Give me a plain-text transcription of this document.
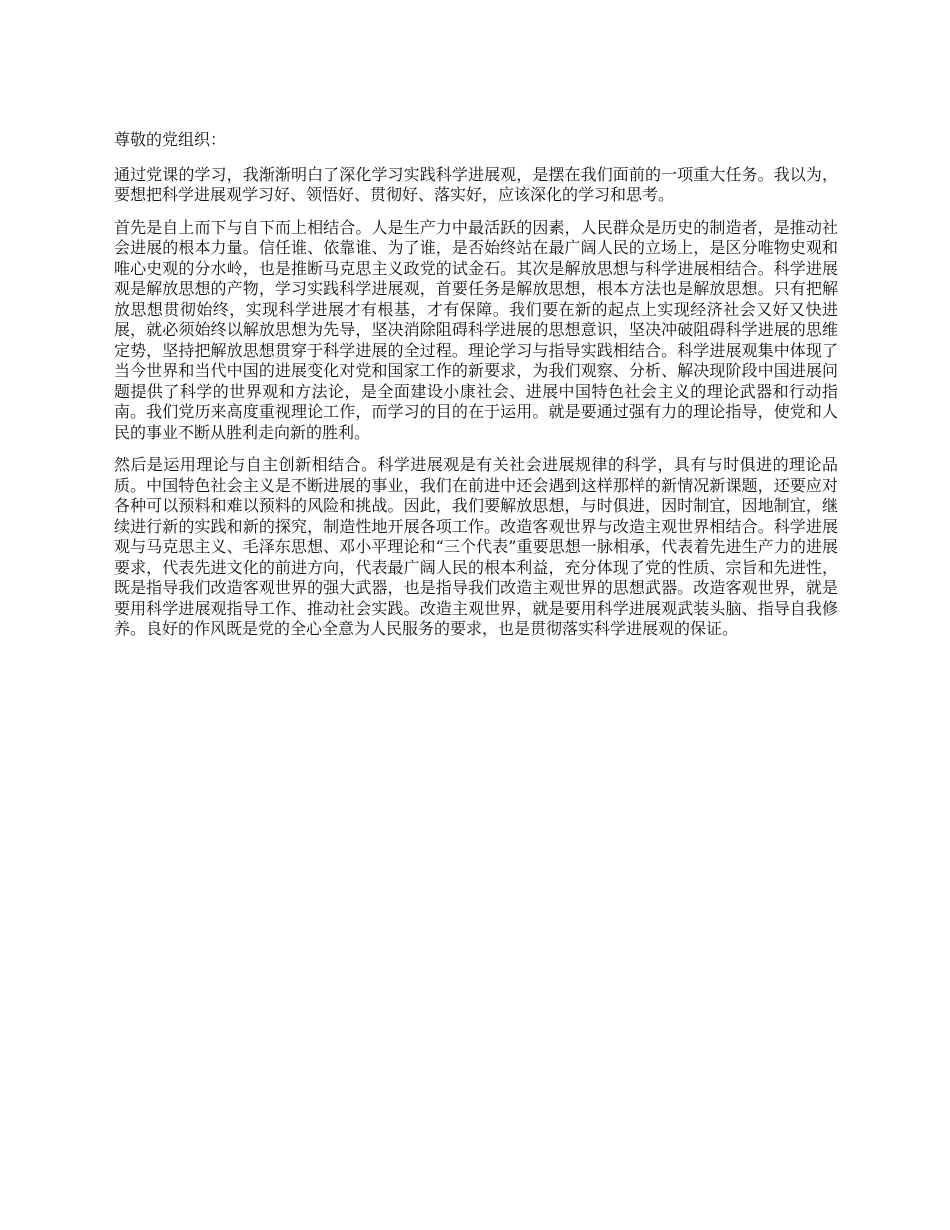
尊敬的党组织：

通过党课的学习，我渐渐明白了深化学习实践科学进展观，是摆在我们面前的一项重大任务。我以为，要想把科学进展观学习好、领悟好、贯彻好、落实好，应该深化的学习和思考。

首先是自上而下与自下而上相结合。人是生产力中最活跃的因素，人民群众是历史的制造者，是推动社会进展的根本力量。信任谁、依靠谁、为了谁，是否始终站在最广阔人民的立场上，是区分唯物史观和唯心史观的分水岭，也是推断马克思主义政党的试金石。其次是解放思想与科学进展相结合。科学进展观是解放思想的产物，学习实践科学进展观，首要任务是解放思想，根本方法也是解放思想。只有把解放思想贯彻始终，实现科学进展才有根基，才有保障。我们要在新的起点上实现经济社会又好又快进展，就必须始终以解放思想为先导，坚决消除阻碍科学进展的思想意识，坚决冲破阻碍科学进展的思维定势，坚持把解放思想贯穿于科学进展的全过程。理论学习与指导实践相结合。科学进展观集中体现了当今世界和当代中国的进展变化对党和国家工作的新要求，为我们观察、分析、解决现阶段中国进展问题提供了科学的世界观和方法论，是全面建设小康社会、进展中国特色社会主义的理论武器和行动指南。我们党历来高度重视理论工作，而学习的目的在于运用。就是要通过强有力的理论指导，使党和人民的事业不断从胜利走向新的胜利。

然后是运用理论与自主创新相结合。科学进展观是有关社会进展规律的科学，具有与时俱进的理论品质。中国特色社会主义是不断进展的事业，我们在前进中还会遇到这样那样的新情况新课题，还要应对各种可以预料和难以预料的风险和挑战。因此，我们要解放思想，与时俱进，因时制宜，因地制宜，继续进行新的实践和新的探究，制造性地开展各项工作。改造客观世界与改造主观世界相结合。科学进展观与马克思主义、毛泽东思想、邓小平理论和“三个代表”重要思想一脉相承，代表着先进生产力的进展要求，代表先进文化的前进方向，代表最广阔人民的根本利益，充分体现了党的性质、宗旨和先进性，既是指导我们改造客观世界的强大武器，也是指导我们改造主观世界的思想武器。改造客观世界，就是要用科学进展观指导工作、推动社会实践。改造主观世界，就是要用科学进展观武装头脑、指导自我修养。良好的作风既是党的全心全意为人民服务的要求，也是贯彻落实科学进展观的保证。
